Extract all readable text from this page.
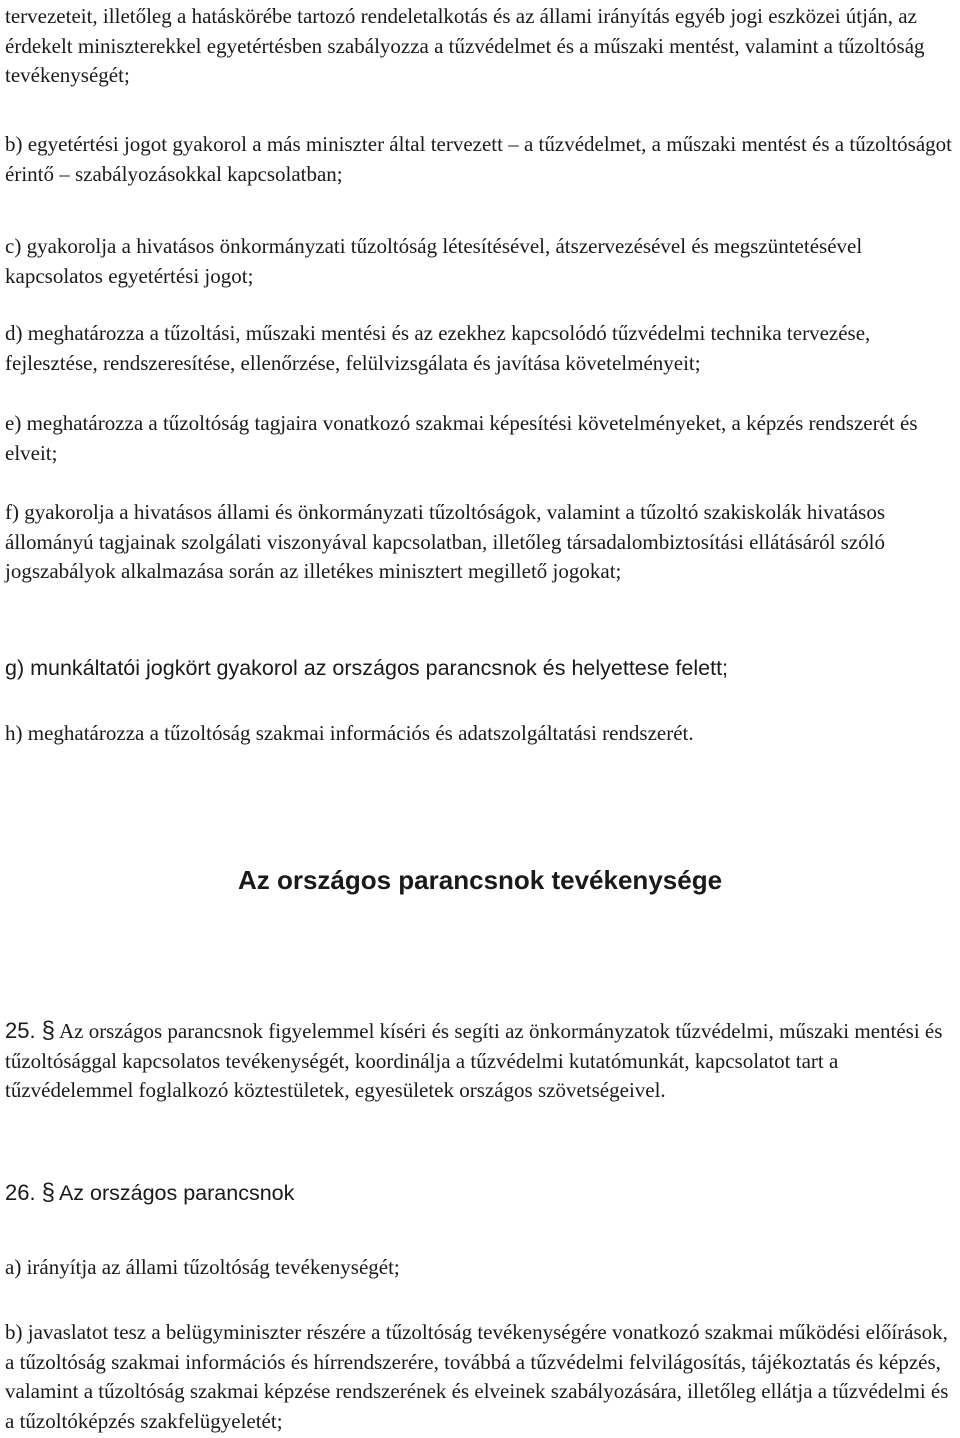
tervezeteit, illetőleg a hatáskörébe tartozó rendeletalkotás és az állami irányítás egyéb jogi eszközei útján, az érdekelt miniszterekkel egyetértésben szabályozza a tűzvédelmet és a műszaki mentést, valamint a tűzoltóság tevékenységét;

b) egyetértési jogot gyakorol a más miniszter által tervezett ⎯ a tűzvédelmet, a műszaki mentést és a tűzoltóságot érintő ⎯ szabályozásokkal kapcsolatban;

c) gyakorolja a hivatásos önkormányzati tűzoltóság létesítésével, átszervezésével és megszüntetésével kapcsolatos egyetértési jogot;

d) meghatározza a tűzoltási, műszaki mentési és az ezekhez kapcsolódó tűzvédelmi technika tervezése, fejlesztése, rendszeresítése, ellenőrzése, felülvizsgálata és javítása követelményeit;

e) meghatározza a tűzoltóság tagjaira vonatkozó szakmai képesítési követelményeket, a képzés rendszerét és elveit;

f) gyakorolja a hivatásos állami és önkormányzati tűzoltóságok, valamint a tűzoltó szakiskolák hivatásos állományú tagjainak szolgálati viszonyával kapcsolatban, illetőleg társadalombiztosítási ellátásáról szóló jogszabályok alkalmazása során az illetékes minisztert megillető jogokat;

g) munkáltatói jogkört gyakorol az országos parancsnok és helyettese felett;

h) meghatározza a tűzoltóság szakmai információs és adatszolgáltatási rendszerét.

Az országos parancsnok tevékenysége

25. § Az országos parancsnok figyelemmel kíséri és segíti az önkormányzatok tűzvédelmi, műszaki mentési és tűzoltósággal kapcsolatos tevékenységét, koordinálja a tűzvédelmi kutatómunkát, kapcsolatot tart a tűzvédelemmel foglalkozó köztestületek, egyesületek országos szövetségeivel.

26. § Az országos parancsnok

a) irányítja az állami tűzoltóság tevékenységét;

b) javaslatot tesz a belügyminiszter részére a tűzoltóság tevékenységére vonatkozó szakmai működési előírások, a tűzoltóság szakmai információs és hírrendszerére, továbbá a tűzvédelmi felvilágosítás, tájékoztatás és képzés, valamint a tűzoltóság szakmai képzése rendszerének és elveinek szabályozására, illetőleg ellátja a tűzvédelmi és a tűzoltóképzés szakfelügyeletét;
